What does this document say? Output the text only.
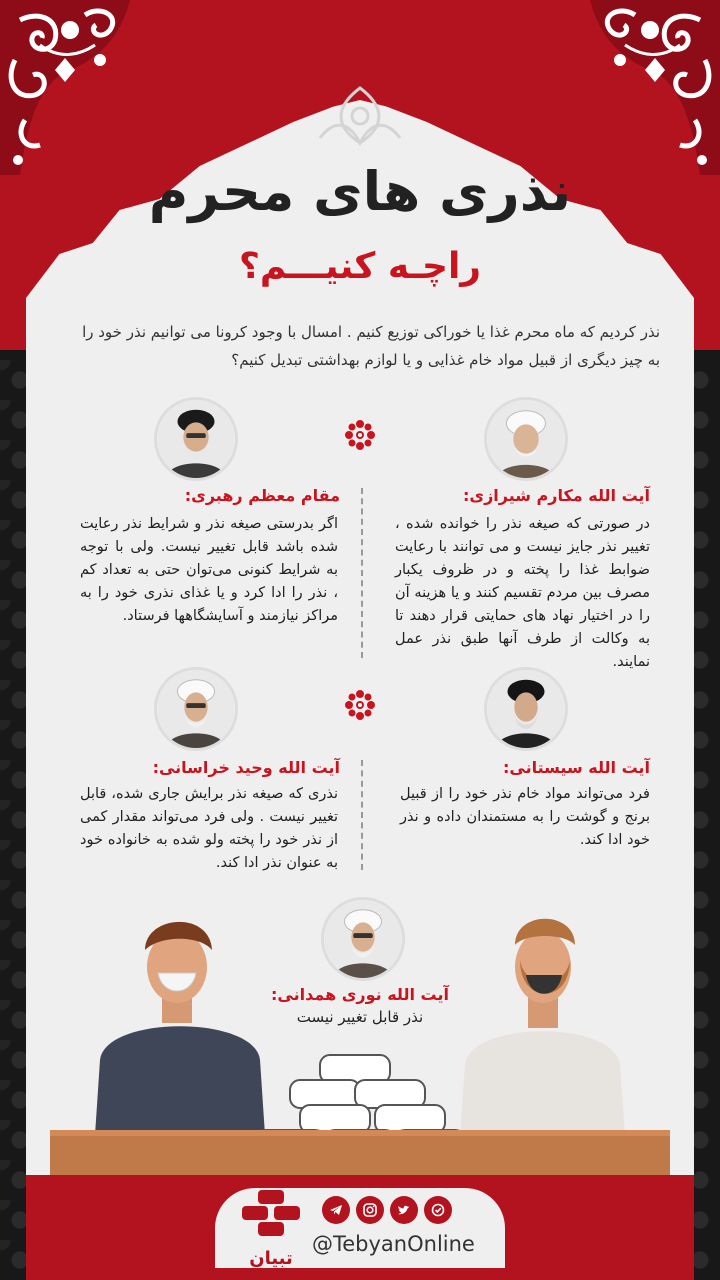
نذری های محرم
راچـه کنیـــم؟

نذر کردیم که ماه محرم غذا یا خوراکی توزیع کنیم . امسال با وجود کرونا می توانیم نذر خود را به چیز دیگری از قبیل مواد خام غذایی و یا لوازم بهداشتی تبدیل کنیم؟

آیت الله مکارم شیرازی:

در صورتی که صیغه نذر را خوانده شده ، تغییر نذر جایز نیست و می توانند با رعایت ضوابط غذا را پخته و در ظروف یکبار مصرف بین مردم تقسیم کنند و یا هزینه آن را در اختیار نهاد های حمایتی قرار دهند تا به وکالت از طرف آنها طبق نذر عمل نمایند.

مقام معظم رهبری:

اگر بدرستی صیغه نذر و شرایط نذر رعایت شده باشد قابل تغییر نیست. ولی با توجه به شرایط کنونی می‌توان حتی به تعداد کم ، نذر را ادا کرد و یا غذای نذری خود را به مراکز نیازمند و آسایشگاهها فرستاد.

آیت الله سیستانی:

فرد می‌تواند مواد خام نذر خود را از قبیل برنج و گوشت را به مستمندان داده و نذر خود ادا کند.

آیت الله وحید خراسانی:

نذری که صیغه نذر برایش جاری شده، قابل تغییر نیست . ولی فرد می‌تواند مقدار کمی از نذر خود را پخته ولو شده به خانواده خود به عنوان نذر ادا کند.

آیت الله نوری همدانی:

نذر قابل تغییر نیست

تبیان

@TebyanOnline
